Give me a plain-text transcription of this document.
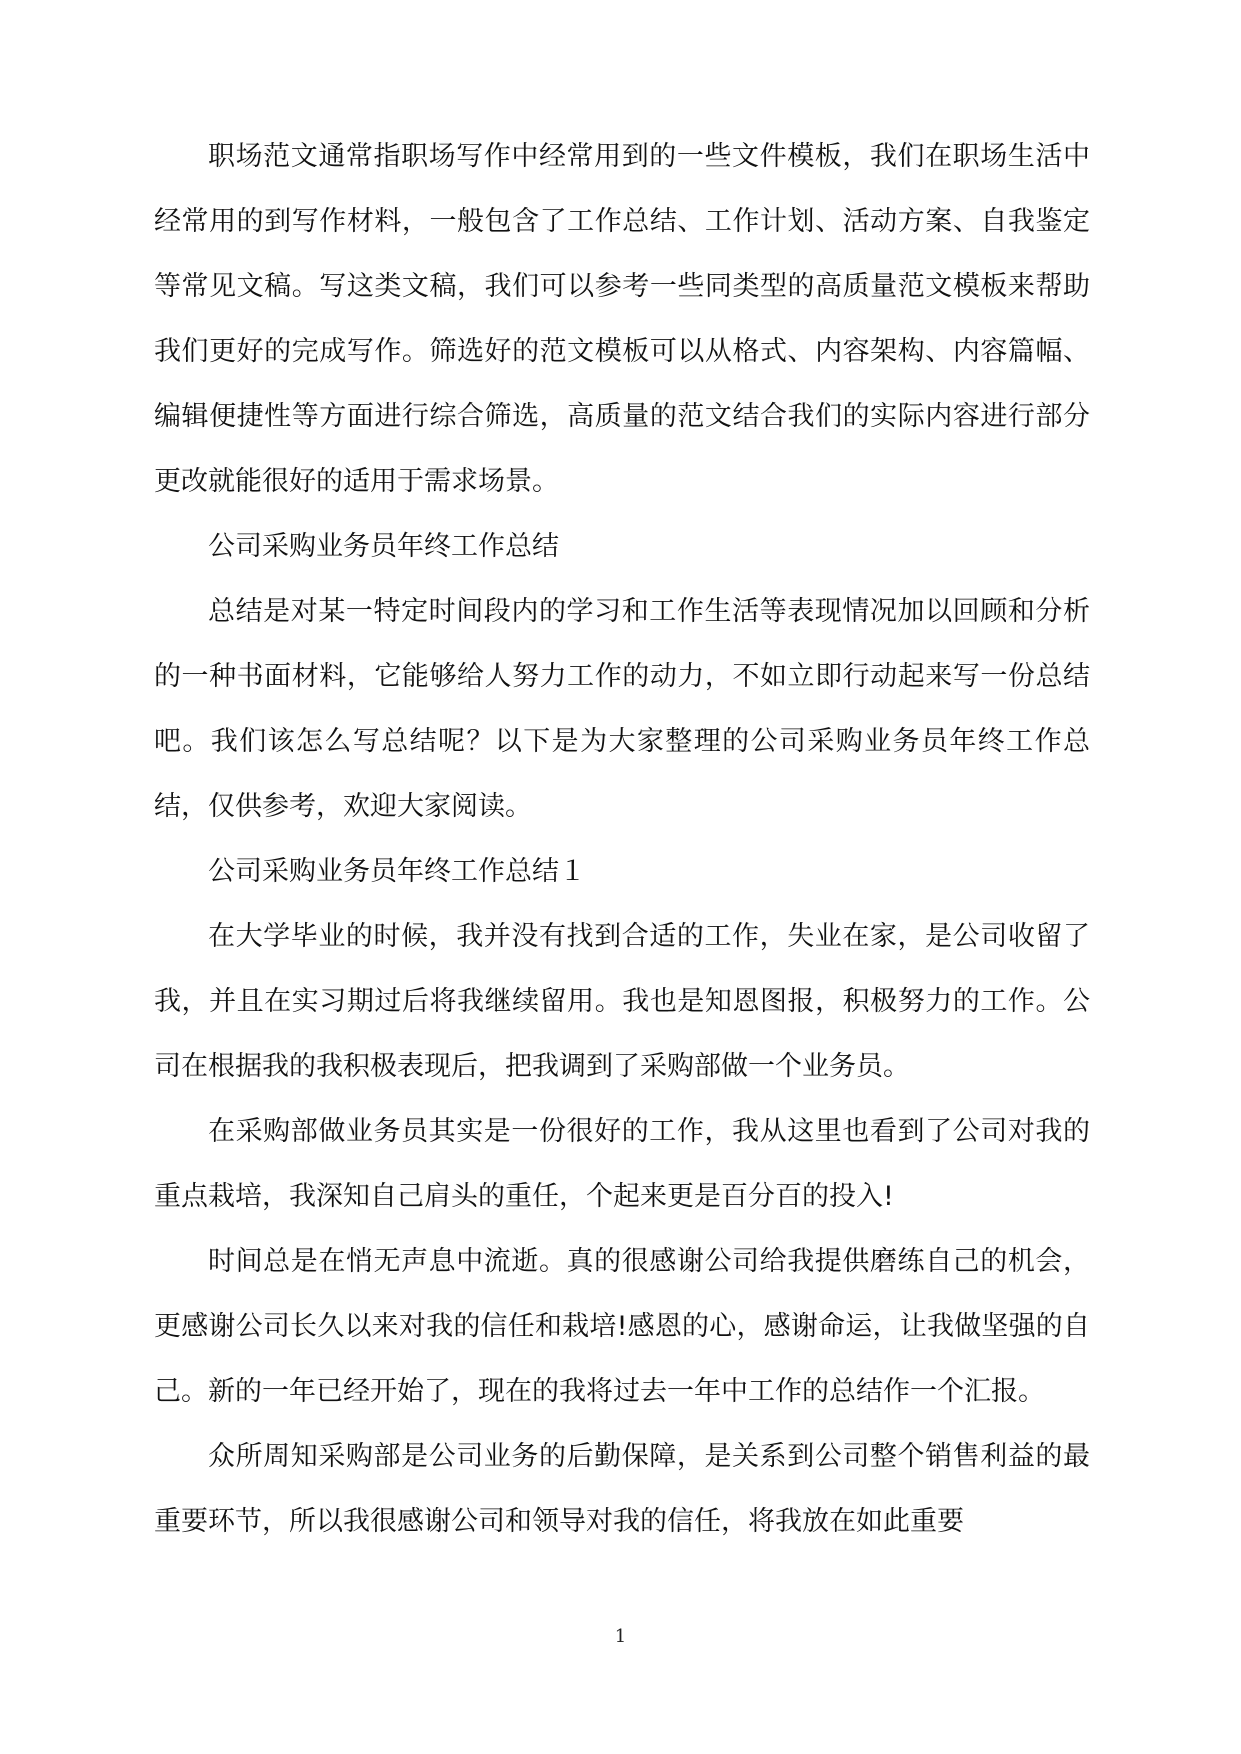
职场范文通常指职场写作中经常用到的一些文件模板，我们在职场生活中经常用的到写作材料，一般包含了工作总结、工作计划、活动方案、自我鉴定等常见文稿。写这类文稿，我们可以参考一些同类型的高质量范文模板来帮助我们更好的完成写作。筛选好的范文模板可以从格式、内容架构、内容篇幅、编辑便捷性等方面进行综合筛选，高质量的范文结合我们的实际内容进行部分更改就能很好的适用于需求场景。

公司采购业务员年终工作总结

总结是对某一特定时间段内的学习和工作生活等表现情况加以回顾和分析的一种书面材料，它能够给人努力工作的动力，不如立即行动起来写一份总结吧。我们该怎么写总结呢？以下是为大家整理的公司采购业务员年终工作总结，仅供参考，欢迎大家阅读。

公司采购业务员年终工作总结１

在大学毕业的时候，我并没有找到合适的工作，失业在家，是公司收留了我，并且在实习期过后将我继续留用。我也是知恩图报，积极努力的工作。公司在根据我的我积极表现后，把我调到了采购部做一个业务员。

在采购部做业务员其实是一份很好的工作，我从这里也看到了公司对我的重点栽培，我深知自己肩头的重任，个起来更是百分百的投入!

时间总是在悄无声息中流逝。真的很感谢公司给我提供磨练自己的机会，更感谢公司长久以来对我的信任和栽培!感恩的心，感谢命运，让我做坚强的自己。新的一年已经开始了，现在的我将过去一年中工作的总结作一个汇报。

众所周知采购部是公司业务的后勤保障，是关系到公司整个销售利益的最重要环节，所以我很感谢公司和领导对我的信任，将我放在如此重要

1
